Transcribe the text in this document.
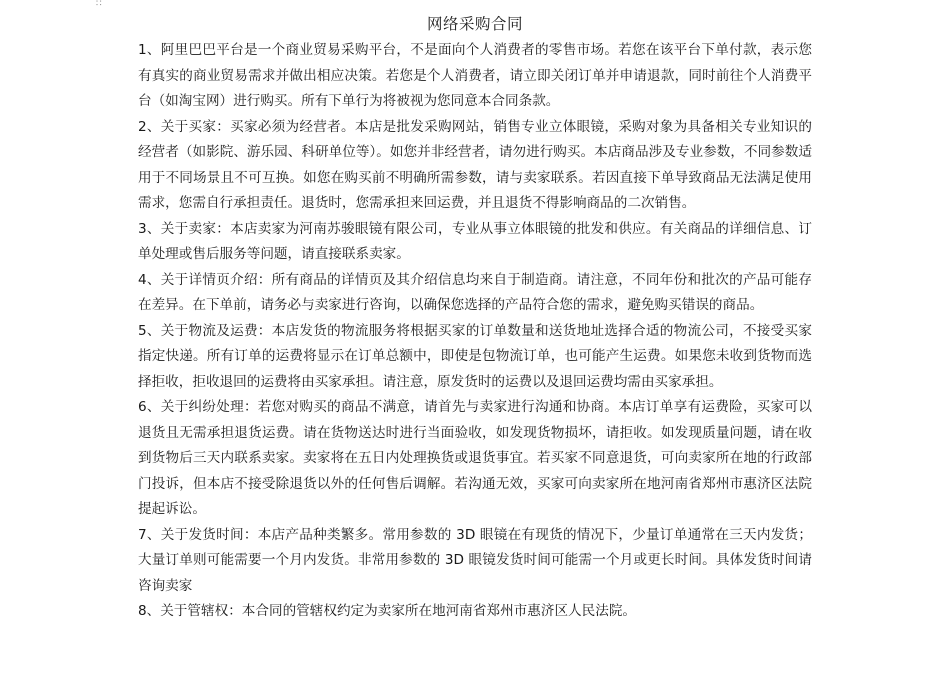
∷
网络采购合同

1、阿里巴巴平台是一个商业贸易采购平台，不是面向个人消费者的零售市场。若您在该平台下单付款，表示您有真实的商业贸易需求并做出相应决策。若您是个人消费者，请立即关闭订单并申请退款，同时前往个人消费平台（如淘宝网）进行购买。所有下单行为将被视为您同意本合同条款。

2、关于买家：买家必须为经营者。本店是批发采购网站，销售专业立体眼镜，采购对象为具备相关专业知识的经营者（如影院、游乐园、科研单位等）。如您并非经营者，请勿进行购买。本店商品涉及专业参数，不同参数适用于不同场景且不可互换。如您在购买前不明确所需参数，请与卖家联系。若因直接下单导致商品无法满足使用需求，您需自行承担责任。退货时，您需承担来回运费，并且退货不得影响商品的二次销售。

3、关于卖家：本店卖家为河南苏骏眼镜有限公司，专业从事立体眼镜的批发和供应。有关商品的详细信息、订单处理或售后服务等问题，请直接联系卖家。

4、关于详情页介绍：所有商品的详情页及其介绍信息均来自于制造商。请注意，不同年份和批次的产品可能存在差异。在下单前，请务必与卖家进行咨询，以确保您选择的产品符合您的需求，避免购买错误的商品。

5、关于物流及运费：本店发货的物流服务将根据买家的订单数量和送货地址选择合适的物流公司，不接受买家指定快递。所有订单的运费将显示在订单总额中，即使是包物流订单，也可能产生运费。如果您未收到货物而选择拒收，拒收退回的运费将由买家承担。请注意，原发货时的运费以及退回运费均需由买家承担。

6、关于纠纷处理：若您对购买的商品不满意，请首先与卖家进行沟通和协商。本店订单享有运费险，买家可以退货且无需承担退货运费。请在货物送达时进行当面验收，如发现货物损坏，请拒收。如发现质量问题，请在收到货物后三天内联系卖家。卖家将在五日内处理换货或退货事宜。若买家不同意退货，可向卖家所在地的行政部门投诉，但本店不接受除退货以外的任何售后调解。若沟通无效，买家可向卖家所在地河南省郑州市惠济区法院提起诉讼。

7、关于发货时间：本店产品种类繁多。常用参数的 3D 眼镜在有现货的情况下，少量订单通常在三天内发货；大量订单则可能需要一个月内发货。非常用参数的 3D 眼镜发货时间可能需一个月或更长时间。具体发货时间请咨询卖家

8、关于管辖权：本合同的管辖权约定为卖家所在地河南省郑州市惠济区人民法院。
